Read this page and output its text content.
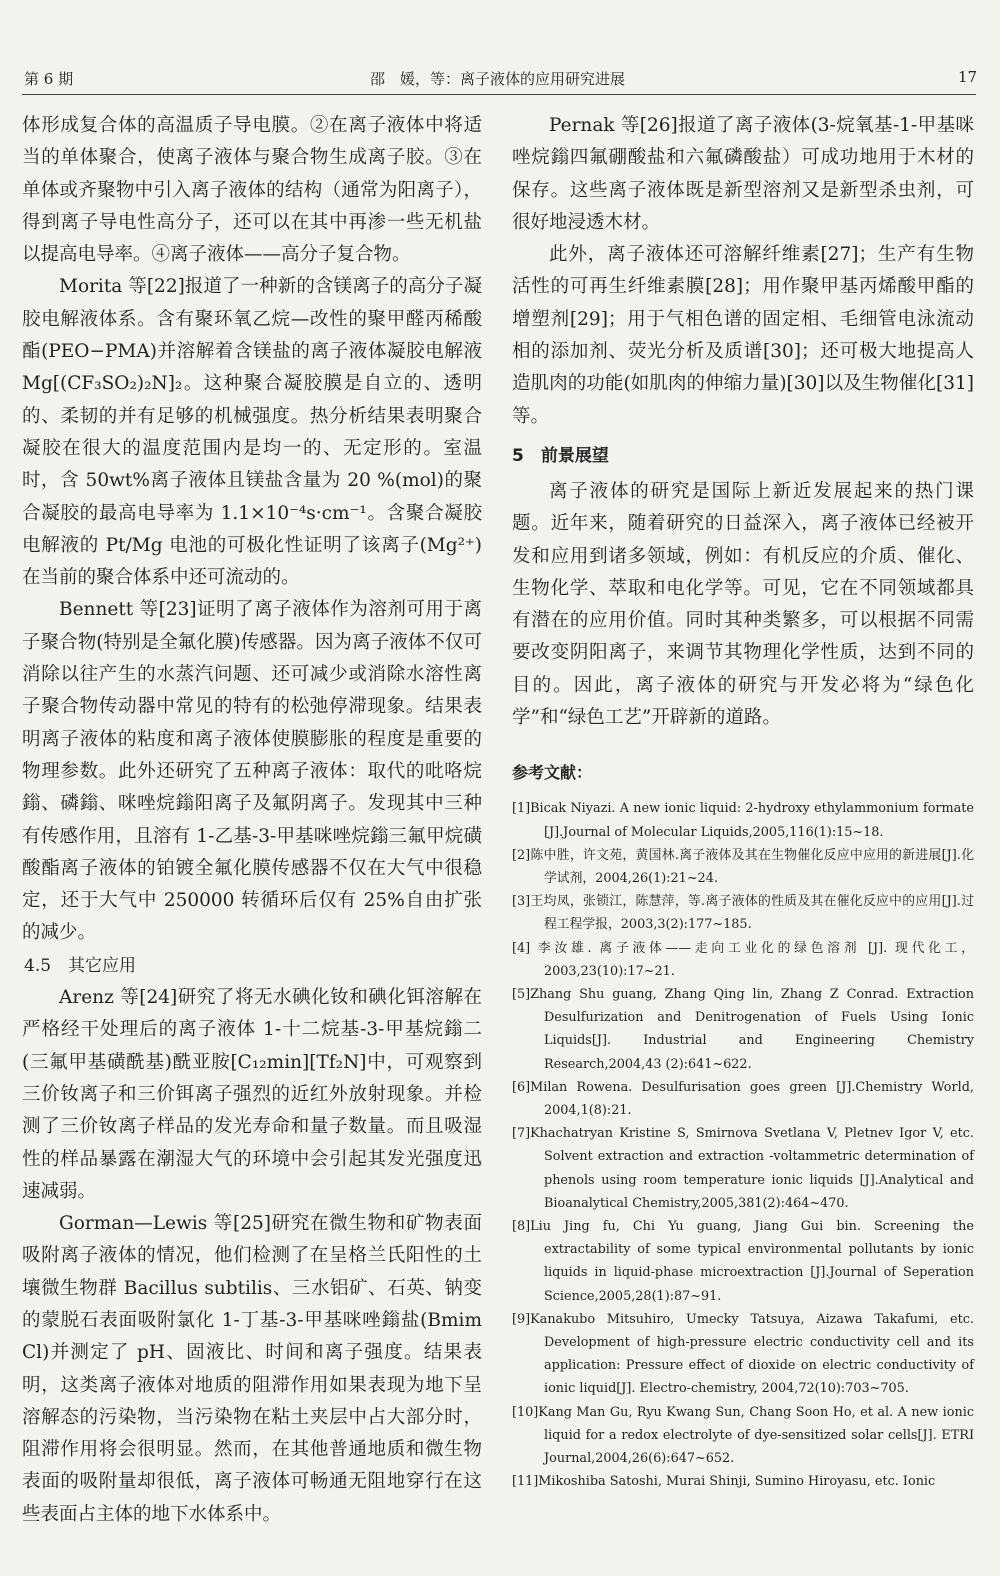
第 6 期	邵　媛，等：离子液体的应用研究进展	17

体形成复合体的高温质子导电膜。②在离子液体中将适当的单体聚合，使离子液体与聚合物生成离子胶。③在单体或齐聚物中引入离子液体的结构（通常为阳离子），得到离子导电性高分子，还可以在其中再渗一些无机盐以提高电导率。④离子液体——高分子复合物。

Morita 等[22]报道了一种新的含镁离子的高分子凝胶电解液体系。含有聚环氧乙烷—改性的聚甲醛丙稀酸酯(PEO−PMA)并溶解着含镁盐的离子液体凝胶电解液 Mg[(CF₃SO₂)₂N]₂。这种聚合凝胶膜是自立的、透明的、柔韧的并有足够的机械强度。热分析结果表明聚合凝胶在很大的温度范围内是均一的、无定形的。室温时，含 50wt%离子液体且镁盐含量为 20 %(mol)的聚合凝胶的最高电导率为 1.1×10⁻⁴s·cm⁻¹。含聚合凝胶电解液的 Pt/Mg 电池的可极化性证明了该离子(Mg²⁺)在当前的聚合体系中还可流动的。

Bennett 等[23]证明了离子液体作为溶剂可用于离子聚合物(特别是全氟化膜)传感器。因为离子液体不仅可消除以往产生的水蒸汽问题、还可减少或消除水溶性离子聚合物传动器中常见的特有的松弛停滞现象。结果表明离子液体的粘度和离子液体使膜膨胀的程度是重要的物理参数。此外还研究了五种离子液体：取代的吡咯烷鎓、磷鎓、咪唑烷鎓阳离子及氟阴离子。发现其中三种有传感作用，且溶有 1-乙基-3-甲基咪唑烷鎓三氟甲烷磺酸酯离子液体的铂镀全氟化膜传感器不仅在大气中很稳定，还于大气中 250000 转循环后仅有 25%自由扩张的减少。

4.5　其它应用

Arenz 等[24]研究了将无水碘化钕和碘化铒溶解在严格经干处理后的离子液体 1-十二烷基-3-甲基烷鎓二(三氟甲基磺酰基)酰亚胺[C₁₂min][Tf₂N]中，可观察到三价钕离子和三价铒离子强烈的近红外放射现象。并检测了三价钕离子样品的发光寿命和量子数量。而且吸湿性的样品暴露在潮湿大气的环境中会引起其发光强度迅速减弱。

Gorman—Lewis 等[25]研究在微生物和矿物表面吸附离子液体的情况，他们检测了在呈格兰氏阳性的土壤微生物群 Bacillus subtilis、三水铝矿、石英、钠变的蒙脱石表面吸附氯化 1-丁基-3-甲基咪唑鎓盐(Bmim Cl)并测定了 pH、固液比、时间和离子强度。结果表明，这类离子液体对地质的阻滞作用如果表现为地下呈溶解态的污染物，当污染物在粘土夹层中占大部分时，阻滞作用将会很明显。然而，在其他普通地质和微生物表面的吸附量却很低，离子液体可畅通无阻地穿行在这些表面占主体的地下水体系中。

Pernak 等[26]报道了离子液体(3-烷氧基-1-甲基咪唑烷鎓四氟硼酸盐和六氟磷酸盐）可成功地用于木材的保存。这些离子液体既是新型溶剂又是新型杀虫剂，可很好地浸透木材。

此外，离子液体还可溶解纤维素[27]；生产有生物活性的可再生纤维素膜[28]；用作聚甲基丙烯酸甲酯的增塑剂[29]；用于气相色谱的固定相、毛细管电泳流动相的添加剂、荧光分析及质谱[30]；还可极大地提高人造肌肉的功能(如肌肉的伸缩力量)[30]以及生物催化[31]等。

5　前景展望

离子液体的研究是国际上新近发展起来的热门课题。近年来，随着研究的日益深入，离子液体已经被开发和应用到诸多领域，例如：有机反应的介质、催化、生物化学、萃取和电化学等。可见，它在不同领域都具有潜在的应用价值。同时其种类繁多，可以根据不同需要改变阴阳离子，来调节其物理化学性质，达到不同的目的。因此，离子液体的研究与开发必将为“绿色化学”和“绿色工艺”开辟新的道路。

参考文献：

[1]Bicak Niyazi. A new ionic liquid: 2-hydroxy ethylammonium formate [J].Journal of Molecular Liquids,2005,116(1):15~18.

[2]陈中胜，许文苑，黄国林.离子液体及其在生物催化反应中应用的新进展[J].化学试剂，2004,26(1):21~24.

[3]王均凤，张锁江，陈慧萍，等.离子液体的性质及其在催化反应中的应用[J].过程工程学报，2003,3(2):177~185.

[4] 李汝雄. 离子液体——走向工业化的绿色溶剂 [J]. 现代化工，2003,23(10):17~21.

[5]Zhang Shu guang, Zhang Qing lin, Zhang Z Conrad. Extraction Desulfurization and Denitrogenation of Fuels Using Ionic Liquids[J]. Industrial and Engineering Chemistry Research,2004,43 (2):641~622.

[6]Milan Rowena. Desulfurisation goes green [J].Chemistry World, 2004,1(8):21.

[7]Khachatryan Kristine S, Smirnova Svetlana V, Pletnev Igor V, etc. Solvent extraction and extraction -voltammetric determination of phenols using room temperature ionic liquids [J].Analytical and Bioanalytical Chemistry,2005,381(2):464~470.

[8]Liu Jing fu, Chi Yu guang, Jiang Gui bin. Screening the extractability of some typical environmental pollutants by ionic liquids in liquid-phase microextraction [J].Journal of Seperation Science,2005,28(1):87~91.

[9]Kanakubo Mitsuhiro, Umecky Tatsuya, Aizawa Takafumi, etc. Development of high-pressure electric conductivity cell and its application: Pressure effect of dioxide on electric conductivity of ionic liquid[J]. Electro-chemistry, 2004,72(10):703~705.

[10]Kang Man Gu, Ryu Kwang Sun, Chang Soon Ho, et al. A new ionic liquid for a redox electrolyte of dye-sensitized solar cells[J]. ETRI Journal,2004,26(6):647~652.

[11]Mikoshiba Satoshi, Murai Shinji, Sumino Hiroyasu, etc. Ionic
